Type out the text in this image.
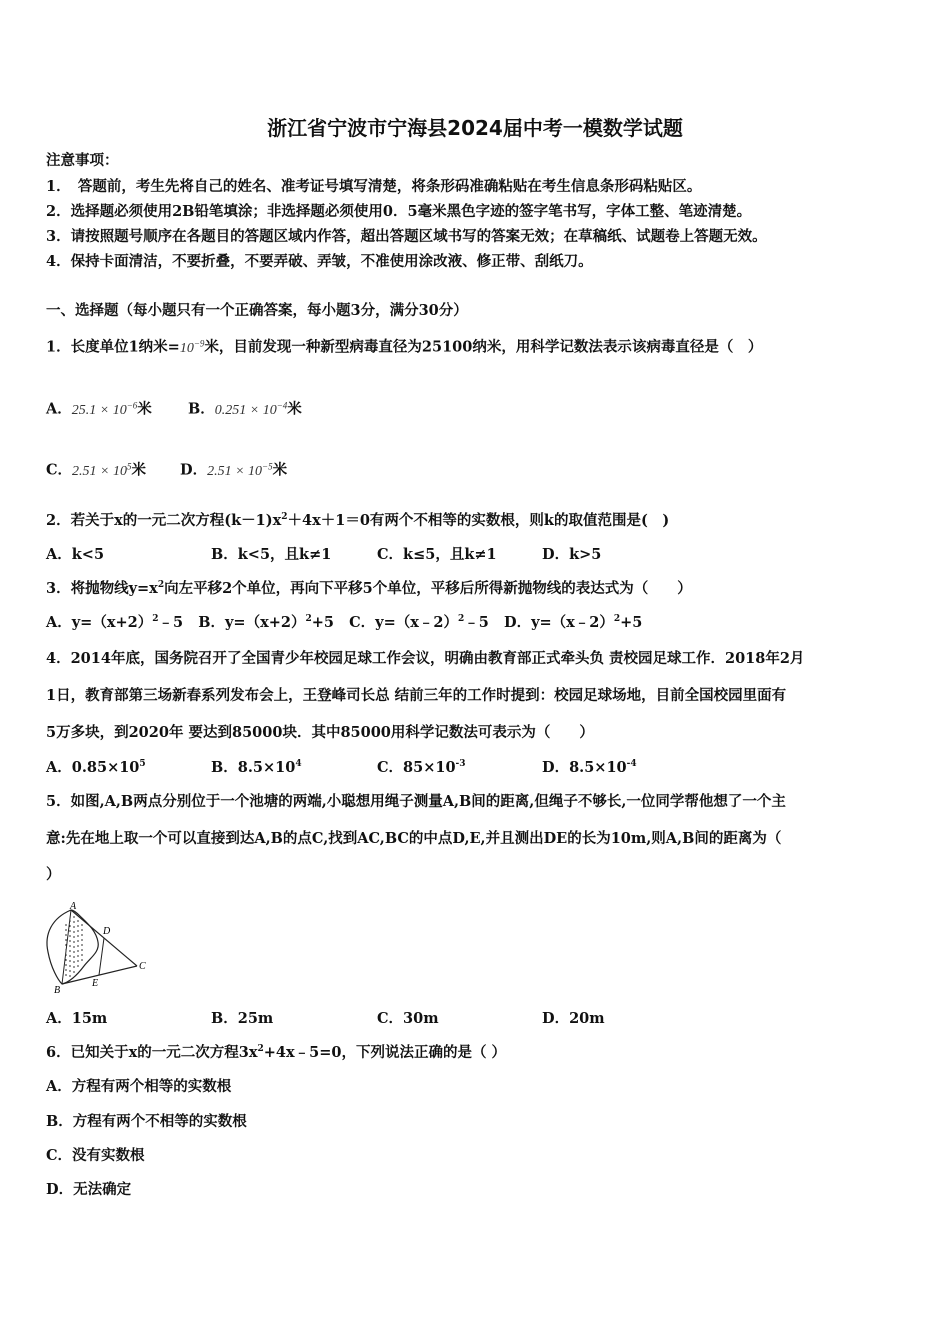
浙江省宁波市宁海县2024届中考一模数学试题
注意事项：
1．　答题前，考生先将自己的姓名、准考证号填写清楚，将条形码准确粘贴在考生信息条形码粘贴区。
2．选择题必须使用2B铅笔填涂；非选择题必须使用0．5毫米黑色字迹的签字笔书写，字体工整、笔迹清楚。
3．请按照题号顺序在各题目的答题区域内作答，超出答题区域书写的答案无效；在草稿纸、试题卷上答题无效。
4．保持卡面清洁，不要折叠，不要弄破、弄皱，不准使用涂改液、修正带、刮纸刀。
一、选择题（每小题只有一个正确答案，每小题3分，满分30分）
1．长度单位1纳米$=10^{-9}$米，目前发现一种新型病毒直径为25100纳米，用科学记数法表示该病毒直径是（　）
A．$25.1 \times 10^{-6}$米 B．$0.251 \times 10^{-4}$米
C．$2.51 \times 10^5$米 D．$2.51 \times 10^{-5}$米
2．若关于x的一元二次方程$(k-1)x^2+4x+1=0$有两个不相等的实数根，则k的取值范围是(　)
A．k<5	B．k<5，且k≠1	C．k≤5，且k≠1	D．k>5
3．将抛物线$y=x^2$向左平移2个单位，再向下平移5个单位，平移后所得新抛物线的表达式为（　　）
A．$y=(x+2)^2﹣5$ B．$y=(x+2)^2+5$ C．y=（x﹣2）$^2$﹣5 D．y=（x﹣2）$^2$+5
4．2014年底，国务院召开了全国青少年校园足球工作会议，明确由教育部正式牵头负 责校园足球工作．2018年2月
1日，教育部第三场新春系列发布会上，王登峰司长总 结前三年的工作时提到：校园足球场地，目前全国校园里面有
5万多块，到2020年 要达到85000块．其中85000用科学记数法可表示为（　　）
A．$0.85\times 10^5$	B．$8.5\times 10^4$	C．$85\times 10^{-3}$	D．$8.5\times 10^{-4}$
5．如图,A,B两点分别位于一个池塘的两端,小聪想用绳子测量A,B间的距离,但绳子不够长,一位同学帮他想了一个主
意:先在地上取一个可以直接到达A,B的点C,找到AC,BC的中点D,E,并且测出DE的长为10m,则A,B间的距离为（
）
A
B
C
D
E
A．15m	B．25m	C．30m	D．20m
6．已知关于x的一元二次方程$3x^2+4x﹣5=0$，下列说法正确的是（ ）
A．方程有两个相等的实数根
B．方程有两个不相等的实数根
C．没有实数根
D．无法确定
